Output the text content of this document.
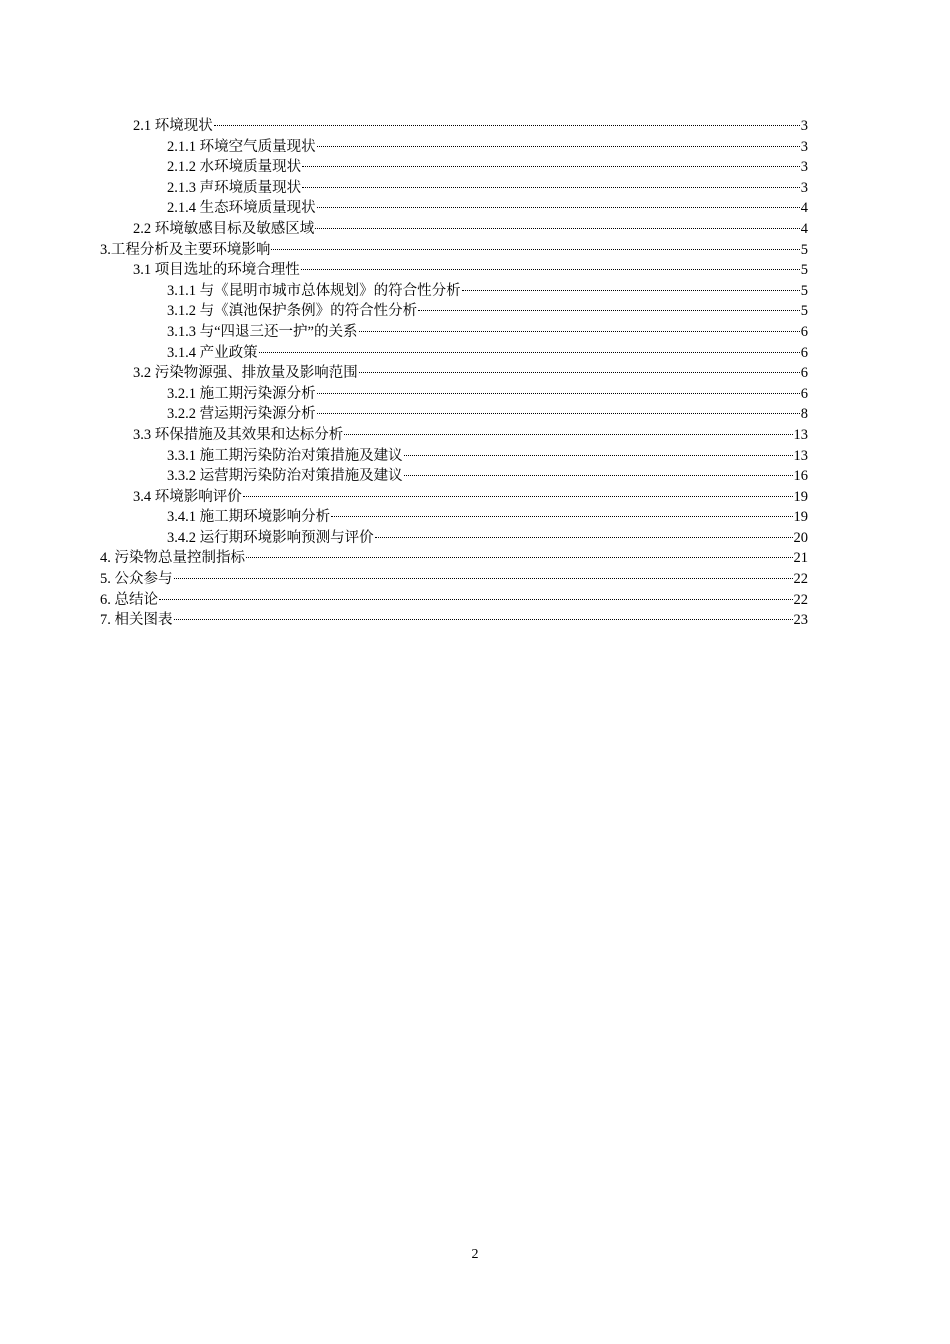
2.1 环境现状	3
2.1.1 环境空气质量现状	3
2.1.2 水环境质量现状	3
2.1.3 声环境质量现状	3
2.1.4 生态环境质量现状	4
2.2 环境敏感目标及敏感区域	4
3.工程分析及主要环境影响	5
3.1 项目选址的环境合理性	5
3.1.1 与《昆明市城市总体规划》的符合性分析	5
3.1.2 与《滇池保护条例》的符合性分析	5
3.1.3 与“四退三还一护”的关系	6
3.1.4 产业政策	6
3.2 污染物源强、排放量及影响范围	6
3.2.1 施工期污染源分析	6
3.2.2 营运期污染源分析	8
3.3 环保措施及其效果和达标分析	13
3.3.1 施工期污染防治对策措施及建议	13
3.3.2 运营期污染防治对策措施及建议	16
3.4 环境影响评价	19
3.4.1 施工期环境影响分析	19
3.4.2 运行期环境影响预测与评价	20
4. 污染物总量控制指标	21
5. 公众参与	22
6. 总结论	22
7. 相关图表	23
2
